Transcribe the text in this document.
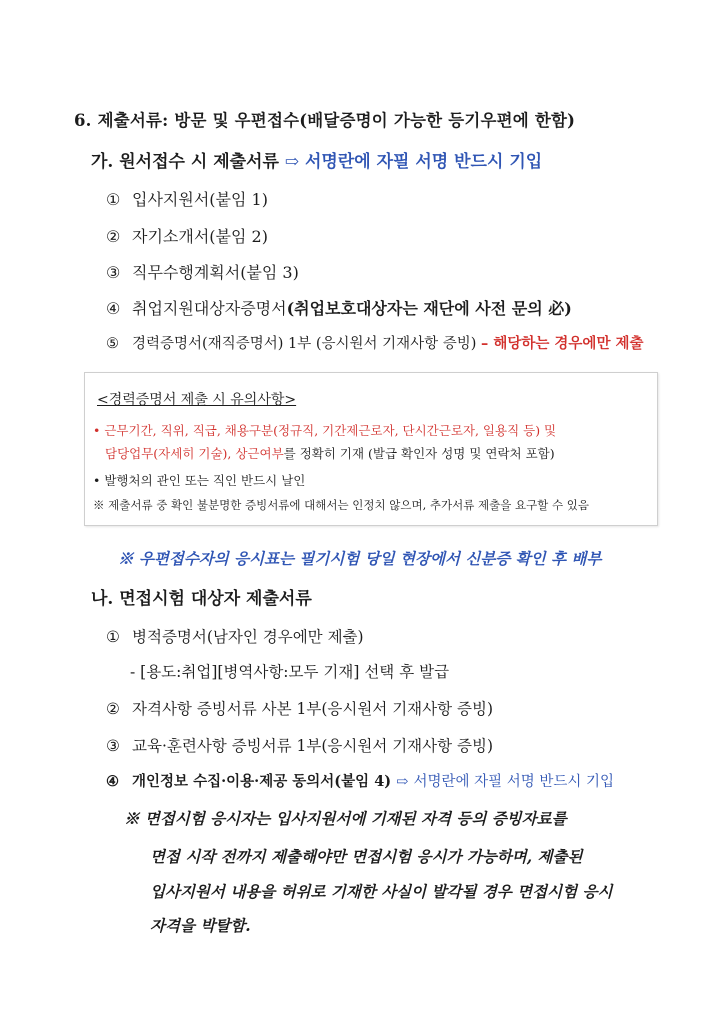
6. 제출서류: 방문 및 우편접수(배달증명이 가능한 등기우편에 한함)
가. 원서접수 시 제출서류 ⇨ 서명란에 자필 서명 반드시 기입
① 입사지원서(붙임 1)
② 자기소개서(붙임 2)
③ 직무수행계획서(붙임 3)
④ 취업지원대상자증명서(취업보호대상자는 재단에 사전 문의 必)
⑤ 경력증명서(재직증명서) 1부 (응시원서 기재사항 증빙) – 해당하는 경우에만 제출
<경력증명서 제출 시 유의사항>
• 근무기간, 직위, 직급, 채용구분(정규직, 기간제근로자, 단시간근로자, 일용직 등) 및
담당업무(자세히 기술), 상근여부를 정확히 기재 (발급 확인자 성명 및 연락처 포함)
• 발행처의 관인 또는 직인 반드시 날인
※ 제출서류 중 확인 불분명한 증빙서류에 대해서는 인정치 않으며, 추가서류 제출을 요구할 수 있음
※ 우편접수자의 응시표는 필기시험 당일 현장에서 신분증 확인 후 배부
나. 면접시험 대상자 제출서류
① 병적증명서(남자인 경우에만 제출)
- [용도:취업][병역사항:모두 기재] 선택 후 발급
② 자격사항 증빙서류 사본 1부(응시원서 기재사항 증빙)
③ 교육·훈련사항 증빙서류 1부(응시원서 기재사항 증빙)
④ 개인정보 수집·이용·제공 동의서(붙임 4) ⇨ 서명란에 자필 서명 반드시 기입
※ 면접시험 응시자는 입사지원서에 기재된 자격 등의 증빙자료를
면접 시작 전까지 제출해야만 면접시험 응시가 가능하며, 제출된
입사지원서 내용을 허위로 기재한 사실이 발각될 경우 면접시험 응시
자격을 박탈함.
